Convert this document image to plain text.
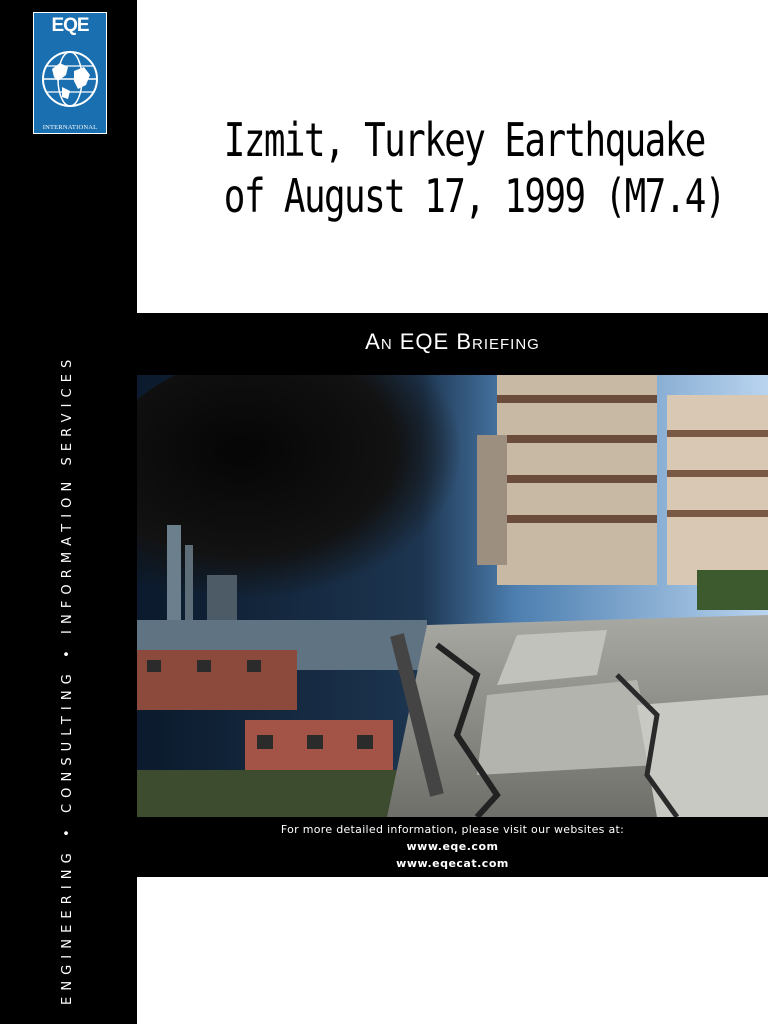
EQE
INTERNATIONAL
ENGINEERING • CONSULTING • INFORMATION SERVICES
Izmit, Turkey Earthquake
of August 17, 1999 (M7.4)
An EQE Briefing
For more detailed information, please visit our websites at:
www.eqe.com
www.eqecat.com
